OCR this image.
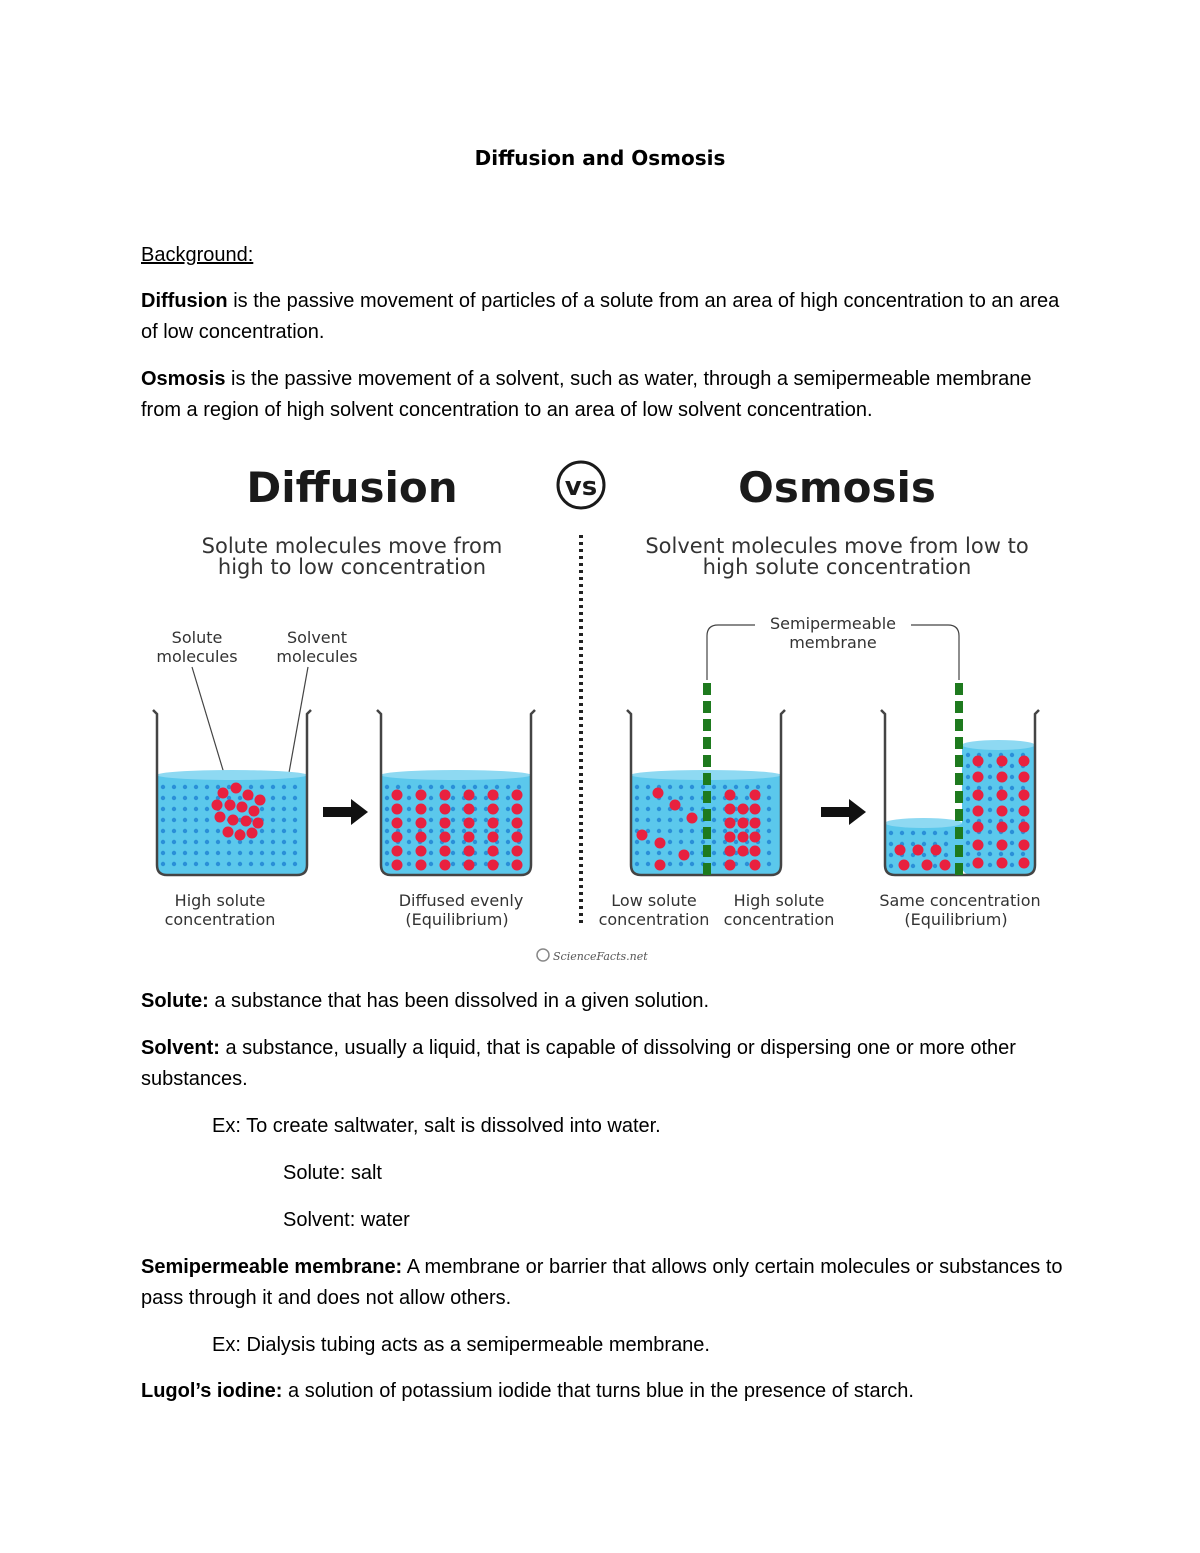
Diffusion and Osmosis
Background:
Diffusion is the passive movement of particles of a solute from an area of high concentration to an area of low concentration.
Osmosis is the passive movement of a solvent, such as water, through a semipermeable membrane from a region of high solvent concentration to an area of low solvent concentration.
Diffusion	vs	Osmosis
Solute molecules move from
high to low concentration
Solvent molecules move from low to
high solute concentration
Solute
molecules
Solvent
molecules
Semipermeable
membrane
High solute
concentration
Diffused evenly
(Equilibrium)
Low solute
concentration
High solute
concentration
Same concentration
(Equilibrium)
ScienceFacts.net
Solute: a substance that has been dissolved in a given solution.
Solvent: a substance, usually a liquid, that is capable of dissolving or dispersing one or more other substances.
Ex: To create saltwater, salt is dissolved into water.
Solute: salt
Solvent: water
Semipermeable membrane: A membrane or barrier that allows only certain molecules or substances to pass through it and does not allow others.
Ex: Dialysis tubing acts as a semipermeable membrane.
Lugol’s iodine: a solution of potassium iodide that turns blue in the presence of starch.
